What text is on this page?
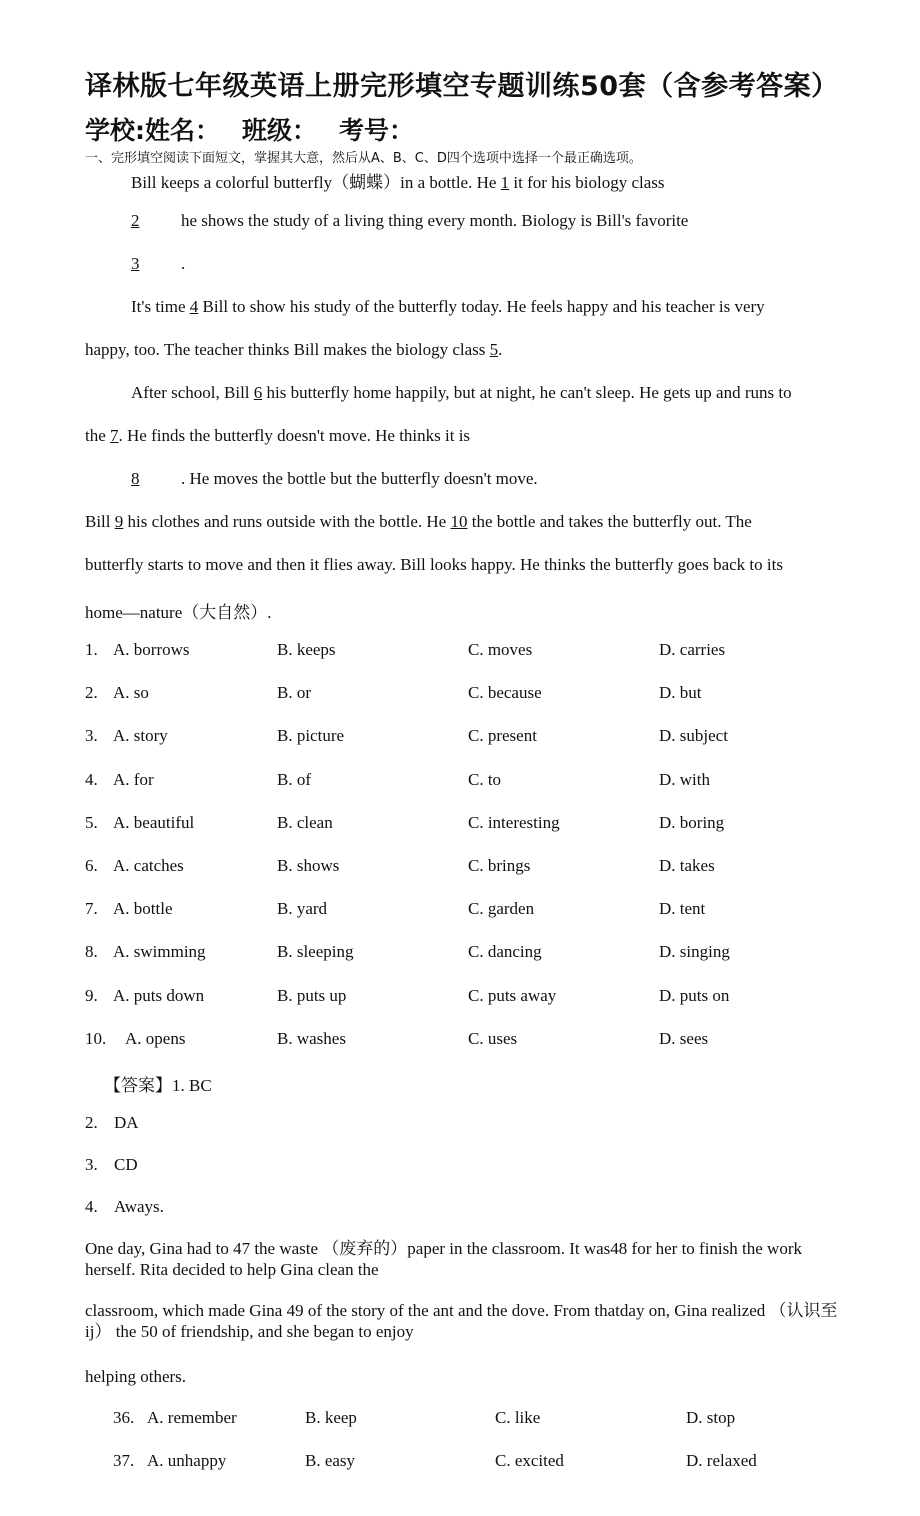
译林版七年级英语上册完形填空专题训练50套（含参考答案）
学校:姓名： 班级： 考号：
一、完形填空阅读下面短文，掌握其大意，然后从A、B、C、D四个选项中选择一个最正确选项。
Bill keeps a colorful butterfly（蝴蝶）in a bottle. He 1 it for his biology class
2 he shows the study of a living thing every month. Biology is Bill's favorite
3 .
It's time 4 Bill to show his study of the butterfly today. He feels happy and his teacher is very
happy, too. The teacher thinks Bill makes the biology class 5.
After school, Bill 6 his butterfly home happily, but at night, he can't sleep. He gets up and runs to
the 7. He finds the butterfly doesn't move. He thinks it is
8 . He moves the bottle but the butterfly doesn't move.
Bill 9 his clothes and runs outside with the bottle. He 10 the bottle and takes the butterfly out. The
butterfly starts to move and then it flies away. Bill looks happy. He thinks the butterfly goes back to its
home—nature（大自然）.
1. A. borrows	B. keeps	C. moves	D. carries
2. A. so	B. or	C. because	D. but
3. A. story	B. picture	C. present	D. subject
4. A. for	B. of	C. to	D. with
5. A. beautiful	B. clean	C. interesting	D. boring
6. A. catches	B. shows	C. brings	D. takes
7. A. bottle	B. yard	C. garden	D. tent
8. A. swimming	B. sleeping	C. dancing	D. singing
9. A. puts down	B. puts up	C. puts away	D. puts on
10. A. opens	B. washes	C. uses	D. sees
【答案】1. BC
2. DA
3. CD
4. Aways.
One day, Gina had to 47 the waste （废弃的）paper in the classroom. It was48 for her to finish the work herself. Rita decided to help Gina clean the
classroom, which made Gina 49 of the story of the ant and the dove. From thatday on, Gina realized （认识至ij） the 50 of friendship, and she began to enjoy
helping others.
36. A. remember	B. keep	C. like	D. stop
37. A. unhappy	B. easy	C. excited	D. relaxed
